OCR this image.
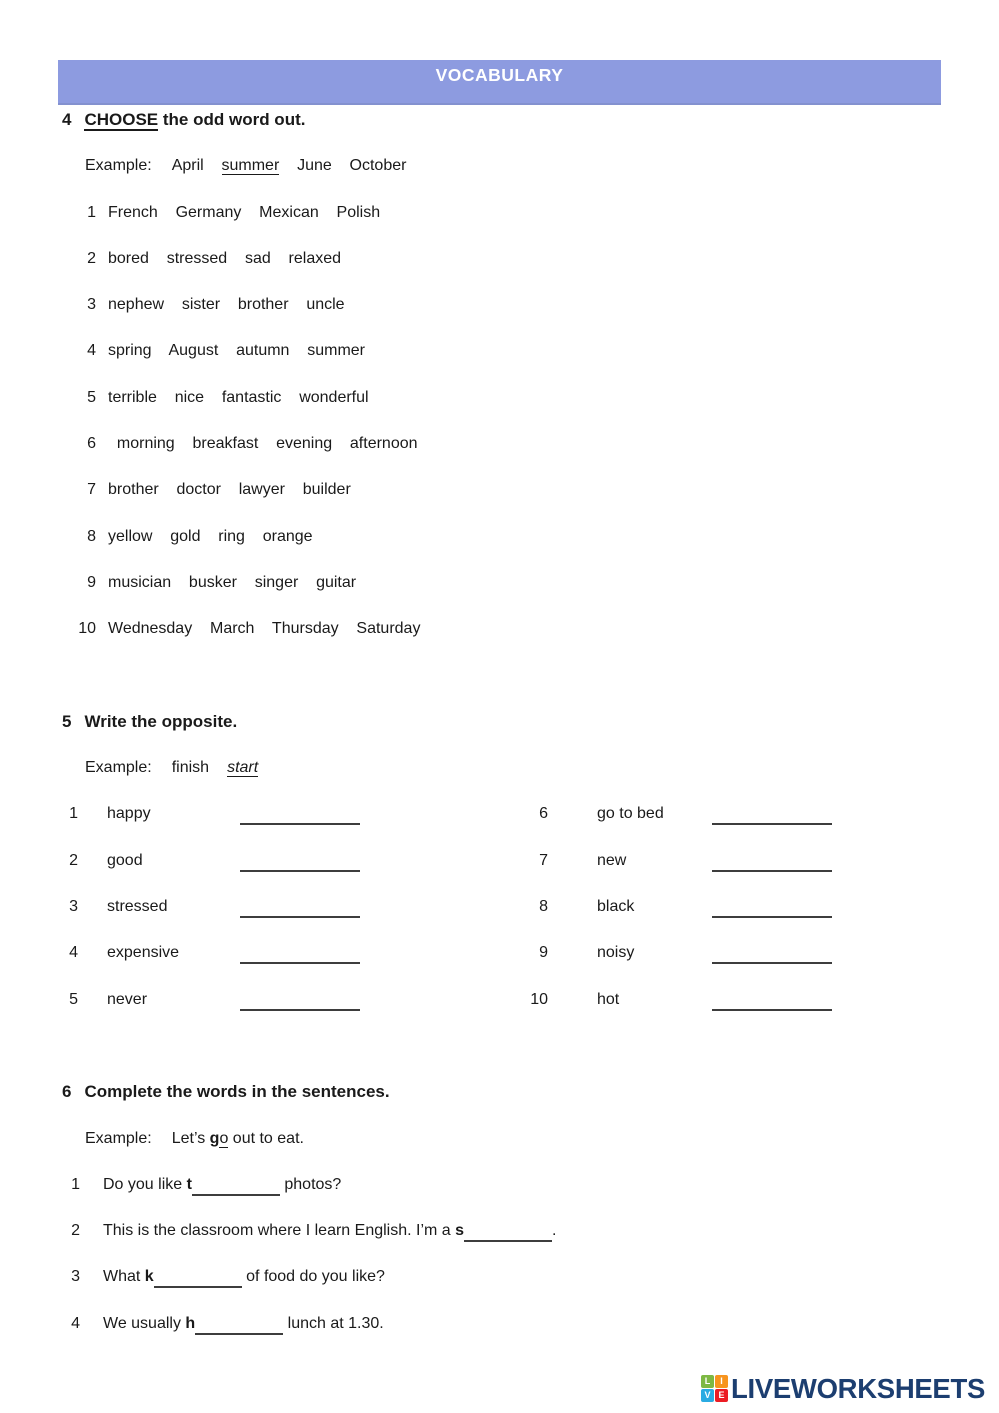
VOCABULARY
4 CHOOSE the odd word out.
Example: April    summer    June    October
1 French    Germany    Mexican    Polish
2 bored    stressed    sad    relaxed
3 nephew    sister    brother    uncle
4 spring    August    autumn    summer
5 terrible    nice    fantastic    wonderful
6  morning    breakfast    evening    afternoon
7 brother    doctor    lawyer    builder
8 yellow    gold    ring    orange
9 musician    busker    singer    guitar
10 Wednesday    March    Thursday    Saturday
5 Write the opposite.
Example: finish start
1 happy	6	go to bed
2 good	7	new
3 stressed	8	black
4 expensive	9	noisy
5 never	10	hot
6 Complete the words in the sentences.
Example: Let’s go out to eat.
1 Do you like t	photos?
2 This is the classroom where I learn English. I’m a s	.
3 What k	of food do you like?
4 We usually h	lunch at 1.30.
L	I
V E LIVEWORKSHEETS
